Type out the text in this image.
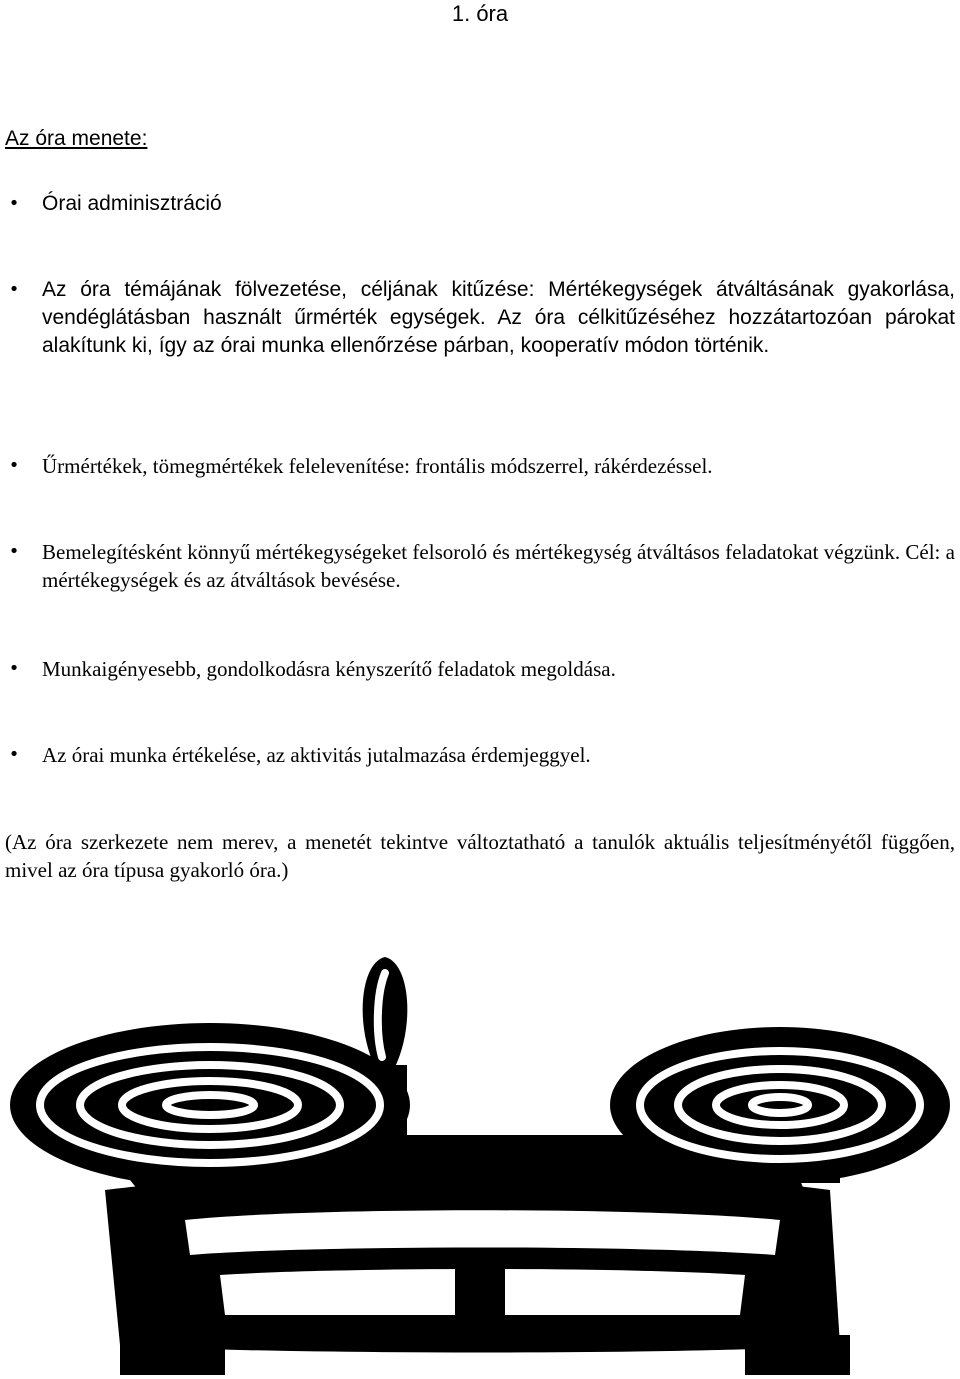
1. óra
Az óra menete:
• Órai adminisztráció
• Az óra témájának fölvezetése, céljának kitűzése: Mértékegységek átváltásának gyakorlása, vendéglátásban használt űrmérték egységek. Az óra célkitűzéséhez hozzátartozóan párokat alakítunk ki, így az órai munka ellenőrzése párban, kooperatív módon történik.
• Űrmértékek, tömegmértékek felelevenítése: frontális módszerrel, rákérdezéssel.
• Bemelegítésként könnyű mértékegységeket felsoroló és mértékegység átváltásos feladatokat végzünk. Cél: a mértékegységek és az átváltások bevésése.
• Munkaigényesebb, gondolkodásra kényszerítő feladatok megoldása.
• Az órai munka értékelése, az aktivitás jutalmazása érdemjeggyel.
(Az óra szerkezete nem merev, a menetét tekintve változtatható a tanulók aktuális teljesítményétől függően, mivel az óra típusa gyakorló óra.)
